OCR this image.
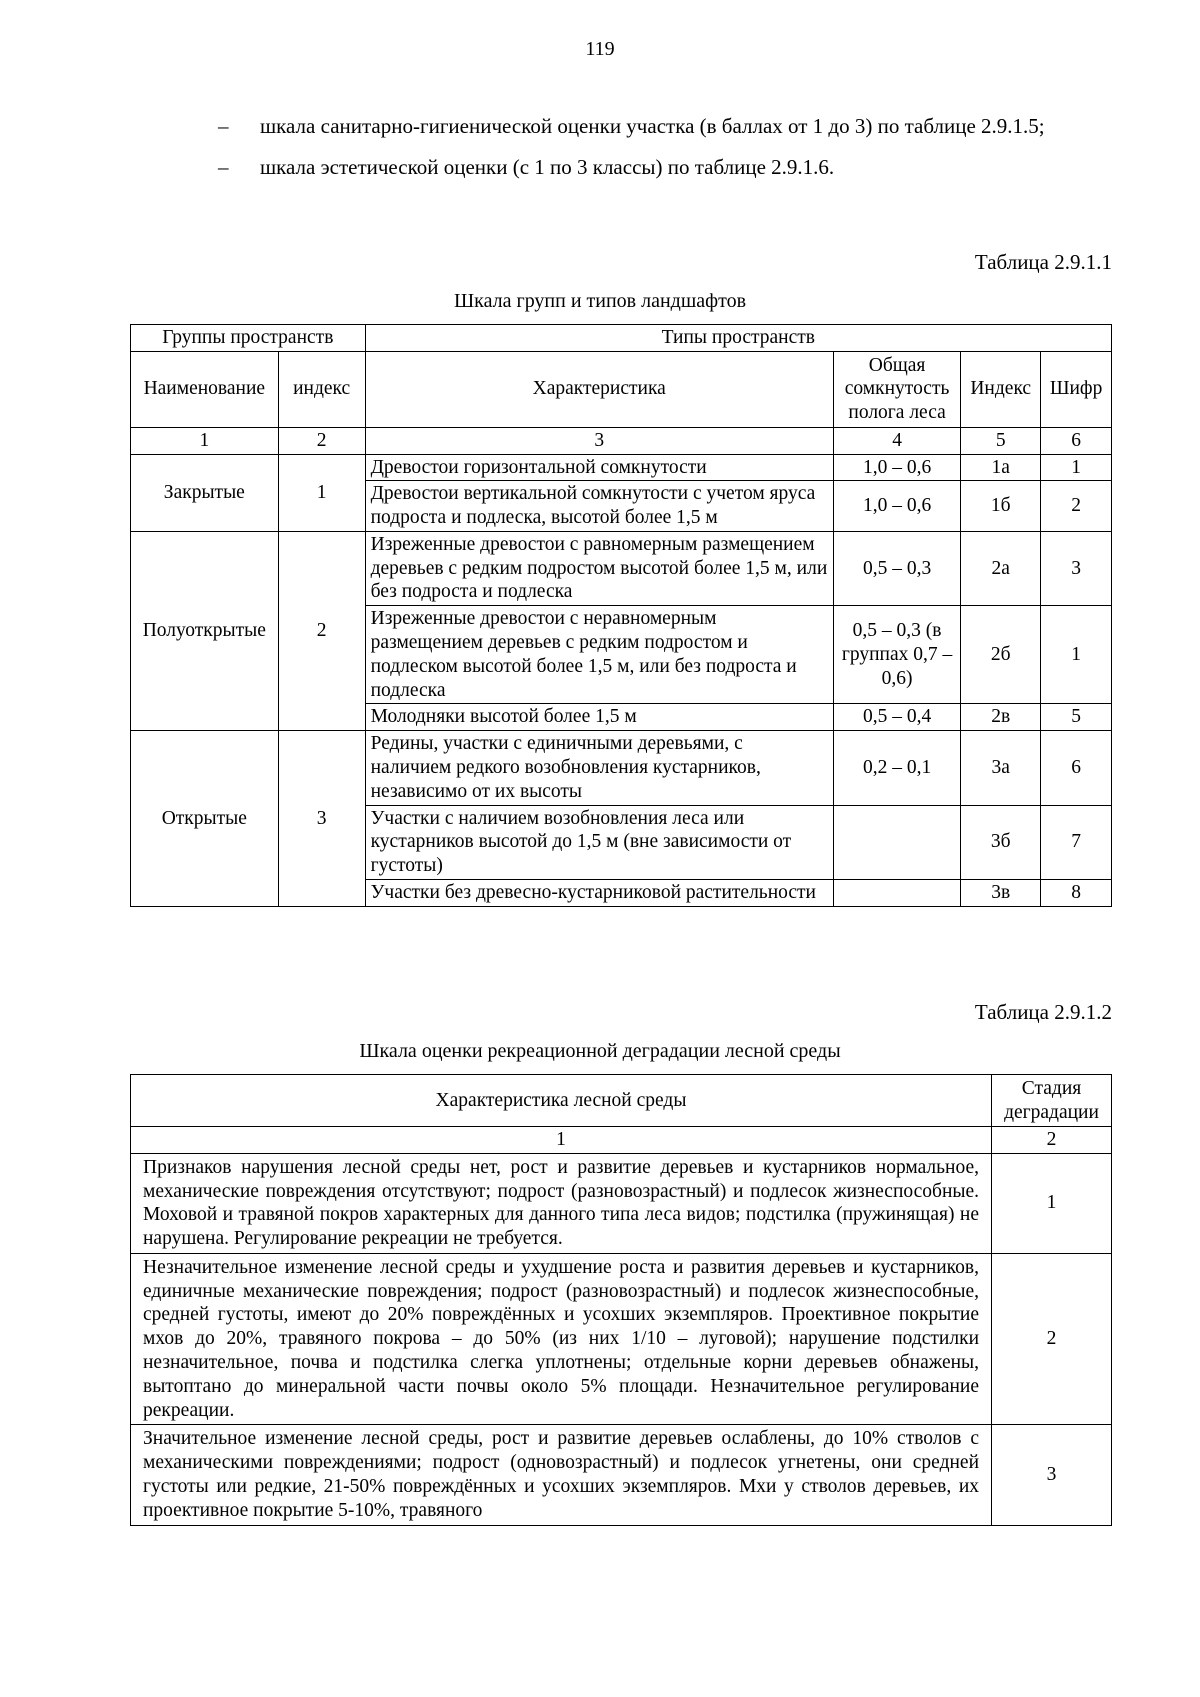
119
– шкала санитарно-гигиенической оценки участка (в баллах от 1 до 3) по таблице 2.9.1.5;
– шкала эстетической оценки (с 1 по 3 классы) по таблице 2.9.1.6.
Таблица 2.9.1.1
Шкала групп и типов ландшафтов
Группы пространств		Типы пространств			
Наименование	индекс	Характеристика	Общая сомкнутость полога леса	Индекс	Шифр
1	2	3	4	5	6
Закрытые	1	Древостои горизонтальной сомкнутости	1,0 – 0,6	1а	1
		Древостои вертикальной сомкнутости с учетом яруса подроста и подлеска, высотой более 1,5 м	1,0 – 0,6	1б	2
Полуоткрытые	2	Изреженные древостои с равномерным размещением деревьев с редким подростом высотой более 1,5 м, или без подроста и подлеска	0,5 – 0,3	2а	3
		Изреженные древостои с неравномерным размещением деревьев с редким подростом и подлеском высотой более 1,5 м, или без подроста и подлеска	0,5 – 0,3 (в группах 0,7 – 0,6)	2б	1
		Молодняки высотой более 1,5 м	0,5 – 0,4	2в	5
Открытые	3	Редины, участки с единичными деревьями, с наличием редкого возобновления кустарников, независимо от их высоты	0,2 – 0,1	3а	6
		Участки с наличием возобновления леса или кустарников высотой до 1,5 м (вне зависимости от густоты)		3б	7
		Участки без древесно-кустарниковой растительности		3в	8
Таблица 2.9.1.2
Шкала оценки рекреационной деградации лесной среды
Характеристика лесной среды	Стадия деградации
1	2
Признаков нарушения лесной среды нет, рост и развитие деревьев и кустарников нормальное, механические повреждения отсутствуют; подрост (разновозрастный) и подлесок жизнеспособные. Моховой и травяной покров характерных для данного типа леса видов; подстилка (пружинящая) не нарушена. Регулирование рекреации не требуется.	1
Незначительное изменение лесной среды и ухудшение роста и развития деревьев и кустарников, единичные механические повреждения; подрост (разновозрастный) и подлесок жизнеспособные, средней густоты, имеют до 20% повреждённых и усохших экземпляров. Проективное покрытие мхов до 20%, травяного покрова – до 50% (из них 1/10 – луговой); нарушение подстилки незначительное, почва и подстилка слегка уплотнены; отдельные корни деревьев обнажены, вытоптано до минеральной части почвы около 5% площади. Незначительное регулирование рекреации.	2
Значительное изменение лесной среды, рост и развитие деревьев ослаблены, до 10% стволов с механическими повреждениями; подрост (одновозрастный) и подлесок угнетены, они средней густоты или редкие, 21-50% повреждённых и усохших экземпляров. Мхи у стволов деревьев, их проективное покрытие 5-10%, травяного	3
